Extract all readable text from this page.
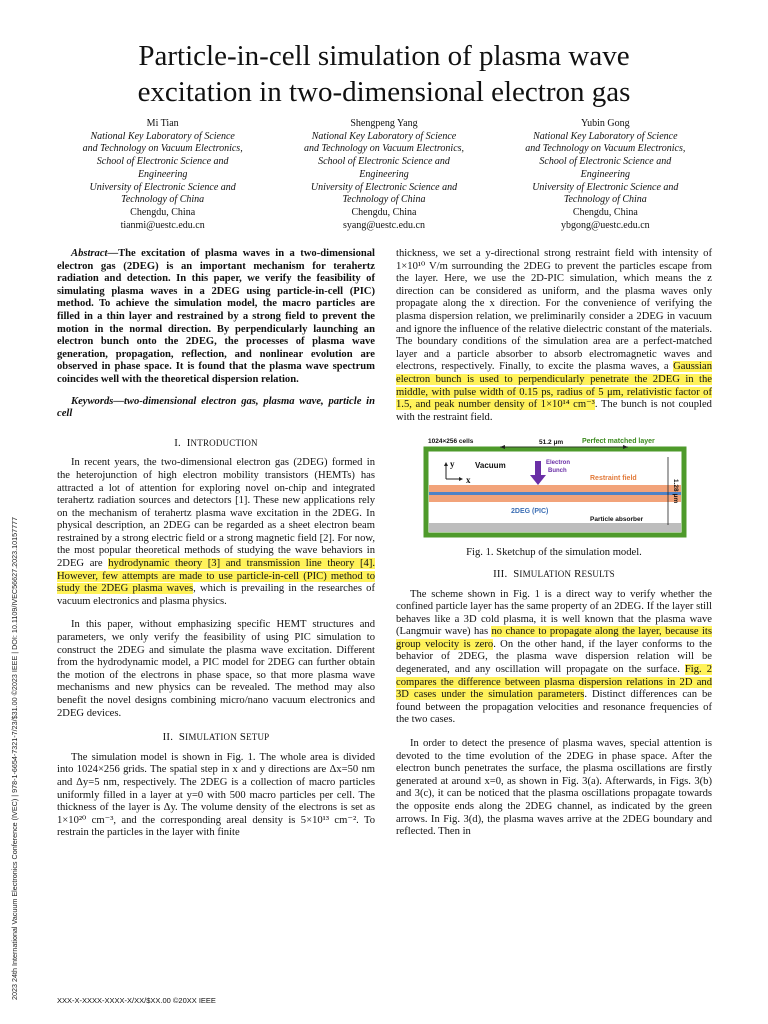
Particle-in-cell simulation of plasma wave
excitation in two-dimensional electron gas
Mi Tian
National Key Laboratory of Science
and Technology on Vacuum Electronics,
School of Electronic Science and
Engineering
University of Electronic Science and
Technology of China
Chengdu, China
tianmi@uestc.edu.cn
Shengpeng Yang
National Key Laboratory of Science
and Technology on Vacuum Electronics,
School of Electronic Science and
Engineering
University of Electronic Science and
Technology of China
Chengdu, China
syang@uestc.edu.cn
Yubin Gong
National Key Laboratory of Science
and Technology on Vacuum Electronics,
School of Electronic Science and
Engineering
University of Electronic Science and
Technology of China
Chengdu, China
ybgong@uestc.edu.cn
2023 24th International Vacuum Electronics Conference (IVEC) | 978-1-6654-7321-7/23/$31.00 ©2023 IEEE | DOI: 10.1109/IVEC56627.2023.10157777

Abstract—The excitation of plasma waves in a two-dimensional electron gas (2DEG) is an important mechanism for terahertz radiation and detection. In this paper, we verify the feasibility of simulating plasma waves in a 2DEG using particle-in-cell (PIC) method. To achieve the simulation model, the macro particles are filled in a thin layer and restrained by a strong field to prevent the motion in the normal direction. By perpendicularly launching an electron bunch onto the 2DEG, the processes of plasma wave generation, propagation, reflection, and nonlinear evolution are observed in phase space. It is found that the plasma wave spectrum coincides well with the theoretical dispersion relation.

Keywords—two-dimensional electron gas, plasma wave, particle in cell

I. INTRODUCTION

In recent years, the two-dimensional electron gas (2DEG) formed in the heterojunction of high electron mobility transistors (HEMTs) has attracted a lot of attention for exploring novel on-chip and integrated terahertz radiation sources and detectors [1]. These new applications rely on the mechanism of terahertz plasma wave excitation in the 2DEG. In physical description, an 2DEG can be regarded as a sheet electron beam restrained by a strong electric field or a strong magnetic field [2]. For now, the most popular theoretical methods of studying the wave behaviors in 2DEG are hydrodynamic theory [3] and transmission line theory [4]. However, few attempts are made to use particle-in-cell (PIC) method to study the 2DEG plasma waves, which is prevailing in the researches of vacuum electronics and plasma physics.

In this paper, without emphasizing specific HEMT structures and parameters, we only verify the feasibility of using PIC simulation to construct the 2DEG and simulate the plasma wave excitation. Different from the hydrodynamic model, a PIC model for 2DEG can further obtain the motion of the electrons in phase space, so that more plasma wave mechanisms and new physics can be revealed. The method may also benefit the novel designs combining micro/nano vacuum electronics and 2DEG devices.

II. SIMULATION SETUP

The simulation model is shown in Fig. 1. The whole area is divided into 1024×256 grids. The spatial step in x and y directions are Δx=50 nm and Δy=5 nm, respectively. The 2DEG is a collection of macro particles uniformly filled in a layer at y=0 with 500 macro particles per cell. The thickness of the layer is Δy. The volume density of the electrons is set as 1×10²⁰ cm⁻³, and the corresponding areal density is 5×10¹³ cm⁻². To restrain the particles in the layer with finite

thickness, we set a y-directional strong restraint field with intensity of 1×10¹⁰ V/m surrounding the 2DEG to prevent the particles escape from the layer. Here, we use the 2D-PIC simulation, which means the z direction can be considered as uniform, and the plasma waves only propagate along the x direction. For the convenience of verifying the plasma dispersion relation, we preliminarily consider a 2DEG in vacuum and ignore the influence of the relative dielectric constant of the materials. The boundary conditions of the simulation area are a perfect-matched layer and a particle absorber to absorb electromagnetic waves and electrons, respectively. Finally, to excite the plasma waves, a Gaussian electron bunch is used to perpendicularly penetrate the 2DEG in the middle, with pulse width of 0.15 ps, radius of 5 μm, relativistic factor of 1.5, and peak number density of 1×10¹⁴ cm⁻³. The bunch is not coupled with the restraint field.

1024×256 cells	51.2 μm	Perfect matched layer
Vacuum	Electron
Bunch
Restraint field
y
x
2DEG (PIC)
Particle absorber
1.28 μm
Fig. 1. Sketchup of the simulation model.
III. SIMULATION RESULTS

The scheme shown in Fig. 1 is a direct way to verify whether the confined particle layer has the same property of an 2DEG. If the layer still behaves like a 3D cold plasma, it is well known that the plasma wave (Langmuir wave) has no chance to propagate along the layer, because its group velocity is zero. On the other hand, if the layer conforms to the behavior of 2DEG, the plasma wave dispersion relation will be degenerated, and any oscillation will propagate on the surface. Fig. 2 compares the difference between plasma dispersion relations in 2D and 3D cases under the simulation parameters. Distinct differences can be found between the propagation velocities and resonance frequencies of the two cases.

In order to detect the presence of plasma waves, special attention is devoted to the time evolution of the 2DEG in phase space. After the electron bunch penetrates the surface, the plasma oscillations are firstly generated at around x=0, as shown in Fig. 3(a). Afterwards, in Figs. 3(b) and 3(c), it can be noticed that the plasma oscillations propagate towards the opposite ends along the 2DEG channel, as indicated by the green arrows. In Fig. 3(d), the plasma waves arrive at the 2DEG boundary and reflected. Then in

XXX-X-XXXX-XXXX-X/XX/$XX.00 ©20XX IEEE
